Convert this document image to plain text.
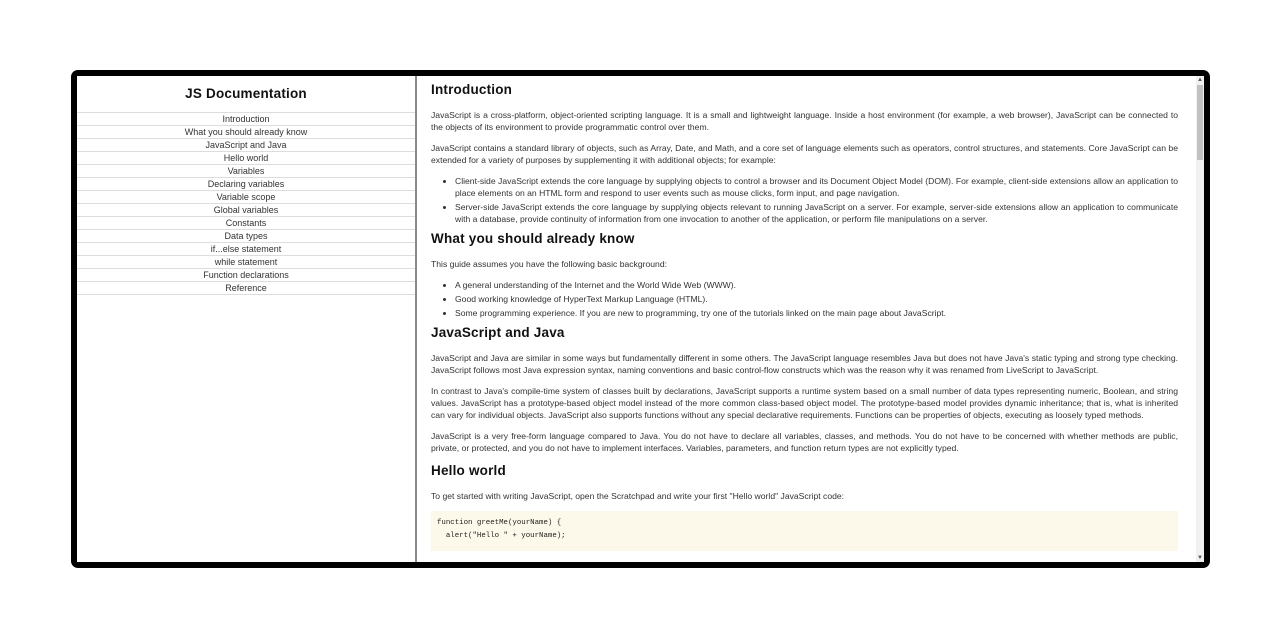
JS Documentation
Introduction
What you should already know
JavaScript and Java
Hello world
Variables
Declaring variables
Variable scope
Global variables
Constants
Data types
if...else statement
while statement
Function declarations
Reference
Introduction

JavaScript is a cross-platform, object-oriented scripting language. It is a small and lightweight language. Inside a host environment (for example, a web browser), JavaScript can be connected to the objects of its environment to provide programmatic control over them.

JavaScript contains a standard library of objects, such as Array, Date, and Math, and a core set of language elements such as operators, control structures, and statements. Core JavaScript can be extended for a variety of purposes by supplementing it with additional objects; for example:

• Client-side JavaScript extends the core language by supplying objects to control a browser and its Document Object Model (DOM). For example, client-side extensions allow an application to place elements on an HTML form and respond to user events such as mouse clicks, form input, and page navigation.
• Server-side JavaScript extends the core language by supplying objects relevant to running JavaScript on a server. For example, server-side extensions allow an application to communicate with a database, provide continuity of information from one invocation to another of the application, or perform file manipulations on a server.
What you should already know

This guide assumes you have the following basic background:

• A general understanding of the Internet and the World Wide Web (WWW).
• Good working knowledge of HyperText Markup Language (HTML).
• Some programming experience. If you are new to programming, try one of the tutorials linked on the main page about JavaScript.
JavaScript and Java

JavaScript and Java are similar in some ways but fundamentally different in some others. The JavaScript language resembles Java but does not have Java's static typing and strong type checking. JavaScript follows most Java expression syntax, naming conventions and basic control-flow constructs which was the reason why it was renamed from LiveScript to JavaScript.

In contrast to Java's compile-time system of classes built by declarations, JavaScript supports a runtime system based on a small number of data types representing numeric, Boolean, and string values. JavaScript has a prototype-based object model instead of the more common class-based object model. The prototype-based model provides dynamic inheritance; that is, what is inherited can vary for individual objects. JavaScript also supports functions without any special declarative requirements. Functions can be properties of objects, executing as loosely typed methods.

JavaScript is a very free-form language compared to Java. You do not have to declare all variables, classes, and methods. You do not have to be concerned with whether methods are public, private, or protected, and you do not have to implement interfaces. Variables, parameters, and function return types are not explicitly typed.

Hello world

To get started with writing JavaScript, open the Scratchpad and write your first "Hello world" JavaScript code:

function greetMe(yourName) {
alert("Hello " + yourName);
▲
▼
